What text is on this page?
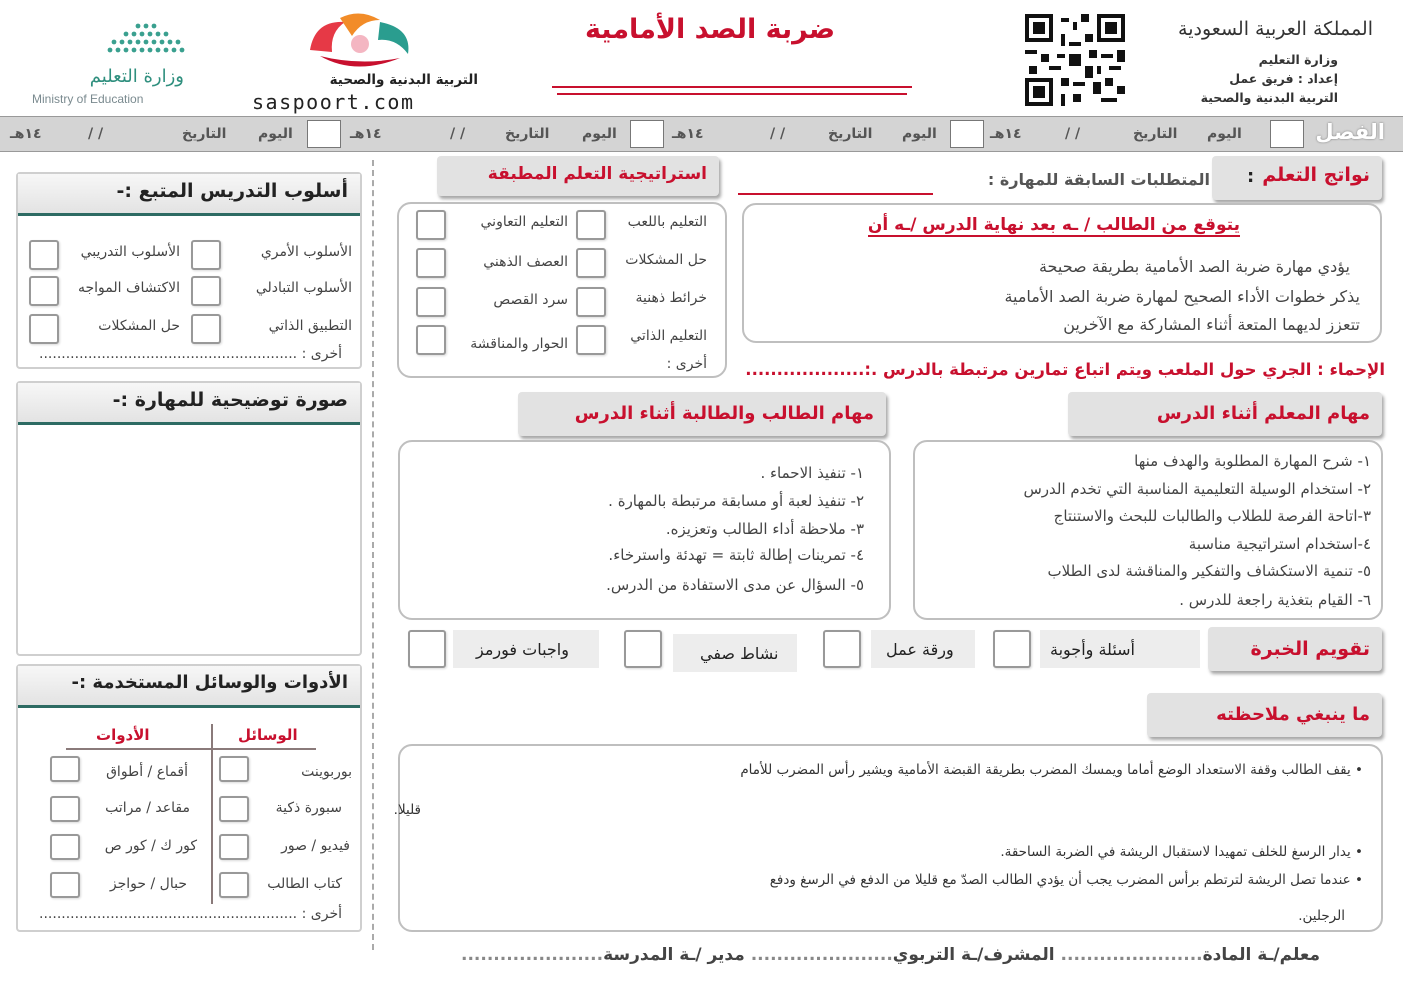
وزارة التعليم
Ministry of Education
التربية البدنية والصحية
saspoort.com
ضربة الصد الأمامية	المملكة العربية السعودية
وزارة التعليم
إعداد : فريق عمل
التربية البدنية والصحية
الفصل
اليوم
التاريخ
/ /
١٤هـ
اليوم
التاريخ
/ /
١٤هـ
اليوم
التاريخ
/ /
١٤هـ
اليوم
التاريخ
/ /
١٤هـ
نواتج التعلم
:
المتطلبات السابقة للمهارة :
يتوقع من الطالب / ـه بعد نهاية الدرس /ـه أن
يؤدي مهارة ضربة الصد الأمامية بطريقة صحيحة
يذكر خطوات الأداء الصحيح لمهارة ضربة الصد الأمامية
تتعزز لديهما المتعة أثناء المشاركة مع الآخرين
استراتيجية التعلم المطبقة
التعليم باللعب
التعليم التعاوني
حل المشكلات
العصف الذهني
خرائط ذهنية
سرد القصص
التعليم الذاتي
الحوار والمناقشة
أخرى :	الإحماء : الجري حول الملعب ويتم اتباع تمارين مرتبطة بالدرس .:...................
مهام المعلم أثناء الدرس
١- شرح المهارة المطلوبة والهدف منها
٢- استخدام الوسيلة التعليمية المناسبة التي تخدم الدرس
٣-اتاحة الفرصة للطلاب والطالبات للبحث والاستنتاج
٤-استخدام استراتيجية مناسبة
٥- تنمية الاستكشاف والتفكير والمناقشة لدى الطلاب
٦- القيام بتغذية راجعة للدرس .
مهام الطالب والطالبة أثناء الدرس
١- تنفيذ الاحماء .
٢- تنفيذ لعبة أو مسابقة مرتبطة بالمهارة .
٣- ملاحظة أداء الطالب وتعزيزه.
٤- تمرينات إطالة ثابتة = تهدئة واسترخاء.
٥- السؤال عن مدى الاستفادة من الدرس.
تقويم الخبرة
أسئلة وأجوبة
ورقة عمل
نشاط صفي
واجبات فورمز
ما ينبغي ملاحظته
• يقف الطالب وقفة الاستعداد الوضع أماما ويمسك المضرب بطريقة القبضة الأمامية ويشير رأس المضرب للأمام
قليلا.
• يدار الرسغ للخلف تمهيدا لاستقبال الريشة في الضربة الساحقة.
• عندما تصل الريشة لترتطم برأس المضرب يجب أن يؤدي الطالب الصدّ مع قليلا من الدفع في الرسغ ودفع
الرجلين.
معلم/ـة المادة...................... المشرف/ـة التربوي...................... مدير /ـة المدرسة......................
أسلوب التدريس المتبع :-
الأسلوب الأمري
الأسلوب التدريبي
الأسلوب التبادلي
الاكتشاف المواجه
التطبيق الذاتي
حل المشكلات
أخرى : ..........................................................
صورة توضيحية للمهارة :-
الأدوات والوسائل المستخدمة :-
الوسائل
الأدوات
بوربوينت
أقماع / أطواق
سبورة ذكية
مقاعد / مراتب
فيديو / صور
كور ك / كور ص
كتاب الطالب
حبال / حواجز
أخرى : ..........................................................
